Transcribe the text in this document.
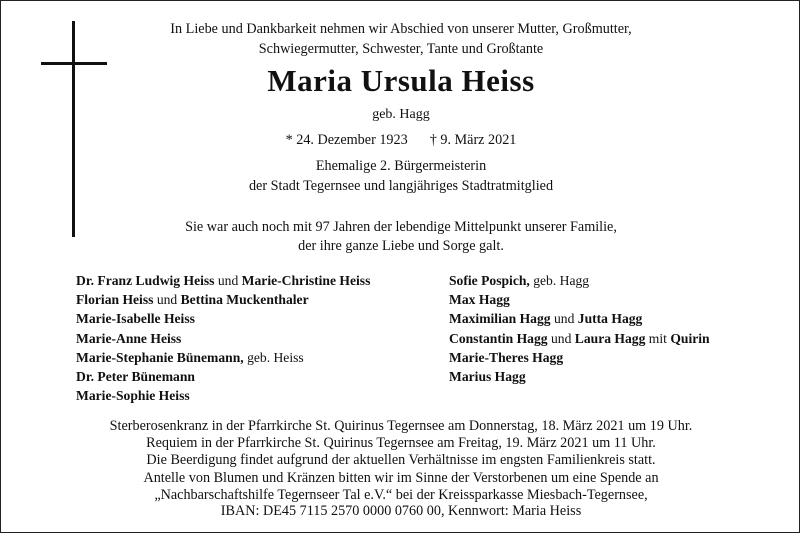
In Liebe und Dankbarkeit nehmen wir Abschied von unserer Mutter, Großmutter,
Schwiegermutter, Schwester, Tante und Großtante
Maria Ursula Heiss
geb. Hagg
* 24. Dezember 1923 † 9. März 2021
Ehemalige 2. Bürgermeisterin
der Stadt Tegernsee und langjähriges Stadtratmitglied
Sie war auch noch mit 97 Jahren der lebendige Mittelpunkt unserer Familie,
der ihre ganze Liebe und Sorge galt.
Dr. Franz Ludwig Heiss und Marie-Christine Heiss
Florian Heiss und Bettina Muckenthaler
Marie-Isabelle Heiss
Marie-Anne Heiss
Marie-Stephanie Bünemann, geb. Heiss
Dr. Peter Bünemann
Marie-Sophie Heiss
Sofie Pospich, geb. Hagg
Max Hagg
Maximilian Hagg und Jutta Hagg
Constantin Hagg und Laura Hagg mit Quirin
Marie-Theres Hagg
Marius Hagg
Sterberosenkranz in der Pfarrkirche St. Quirinus Tegernsee am Donnerstag, 18. März 2021 um 19 Uhr.
Requiem in der Pfarrkirche St. Quirinus Tegernsee am Freitag, 19. März 2021 um 11 Uhr.
Die Beerdigung findet aufgrund der aktuellen Verhältnisse im engsten Familienkreis statt.
Antelle von Blumen und Kränzen bitten wir im Sinne der Verstorbenen um eine Spende an
„Nachbarschaftshilfe Tegernseer Tal e.V.“ bei der Kreissparkasse Miesbach-Tegernsee,
IBAN: DE45 7115 2570 0000 0760 00, Kennwort: Maria Heiss
